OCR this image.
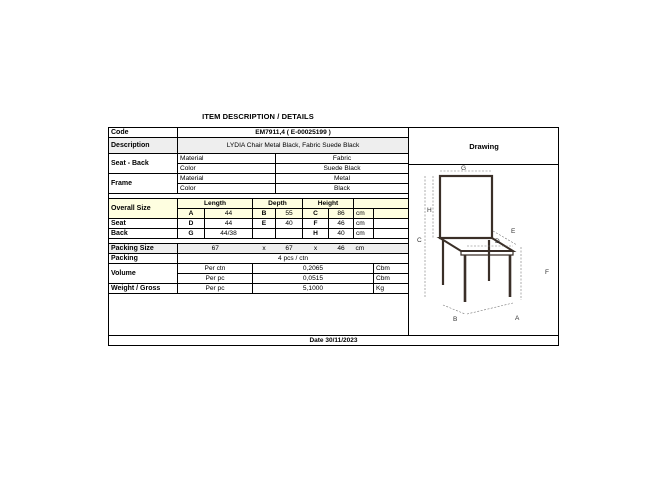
ITEM DESCRIPTION / DETAILS
Code	EM7911,4 ( E-00025199 )							
Description	LYDIA Chair Metal Black, Fabric Suede Black							
Seat - Back	Material			Fabric				
	Color			Suede Black				
Frame	Material			Metal				
	Color			Black				

Overall Size	Length		Depth		Height			
	A	44	B	55	C	86	cm	
Seat	D	44	E	40	F	46	cm	
Back	G	44/38			H	40	cm	

Packing Size	67		x	67	x	46	cm	
Packing	4 pcs / ctn							
Volume	Per ctn		0,2065					Cbm
	Per pc		0,0515					Cbm
Weight / Gross	Per pc		5,1000					Kg
Drawing
G
H
C
E
D
F
B	A
Date 30/11/2023
